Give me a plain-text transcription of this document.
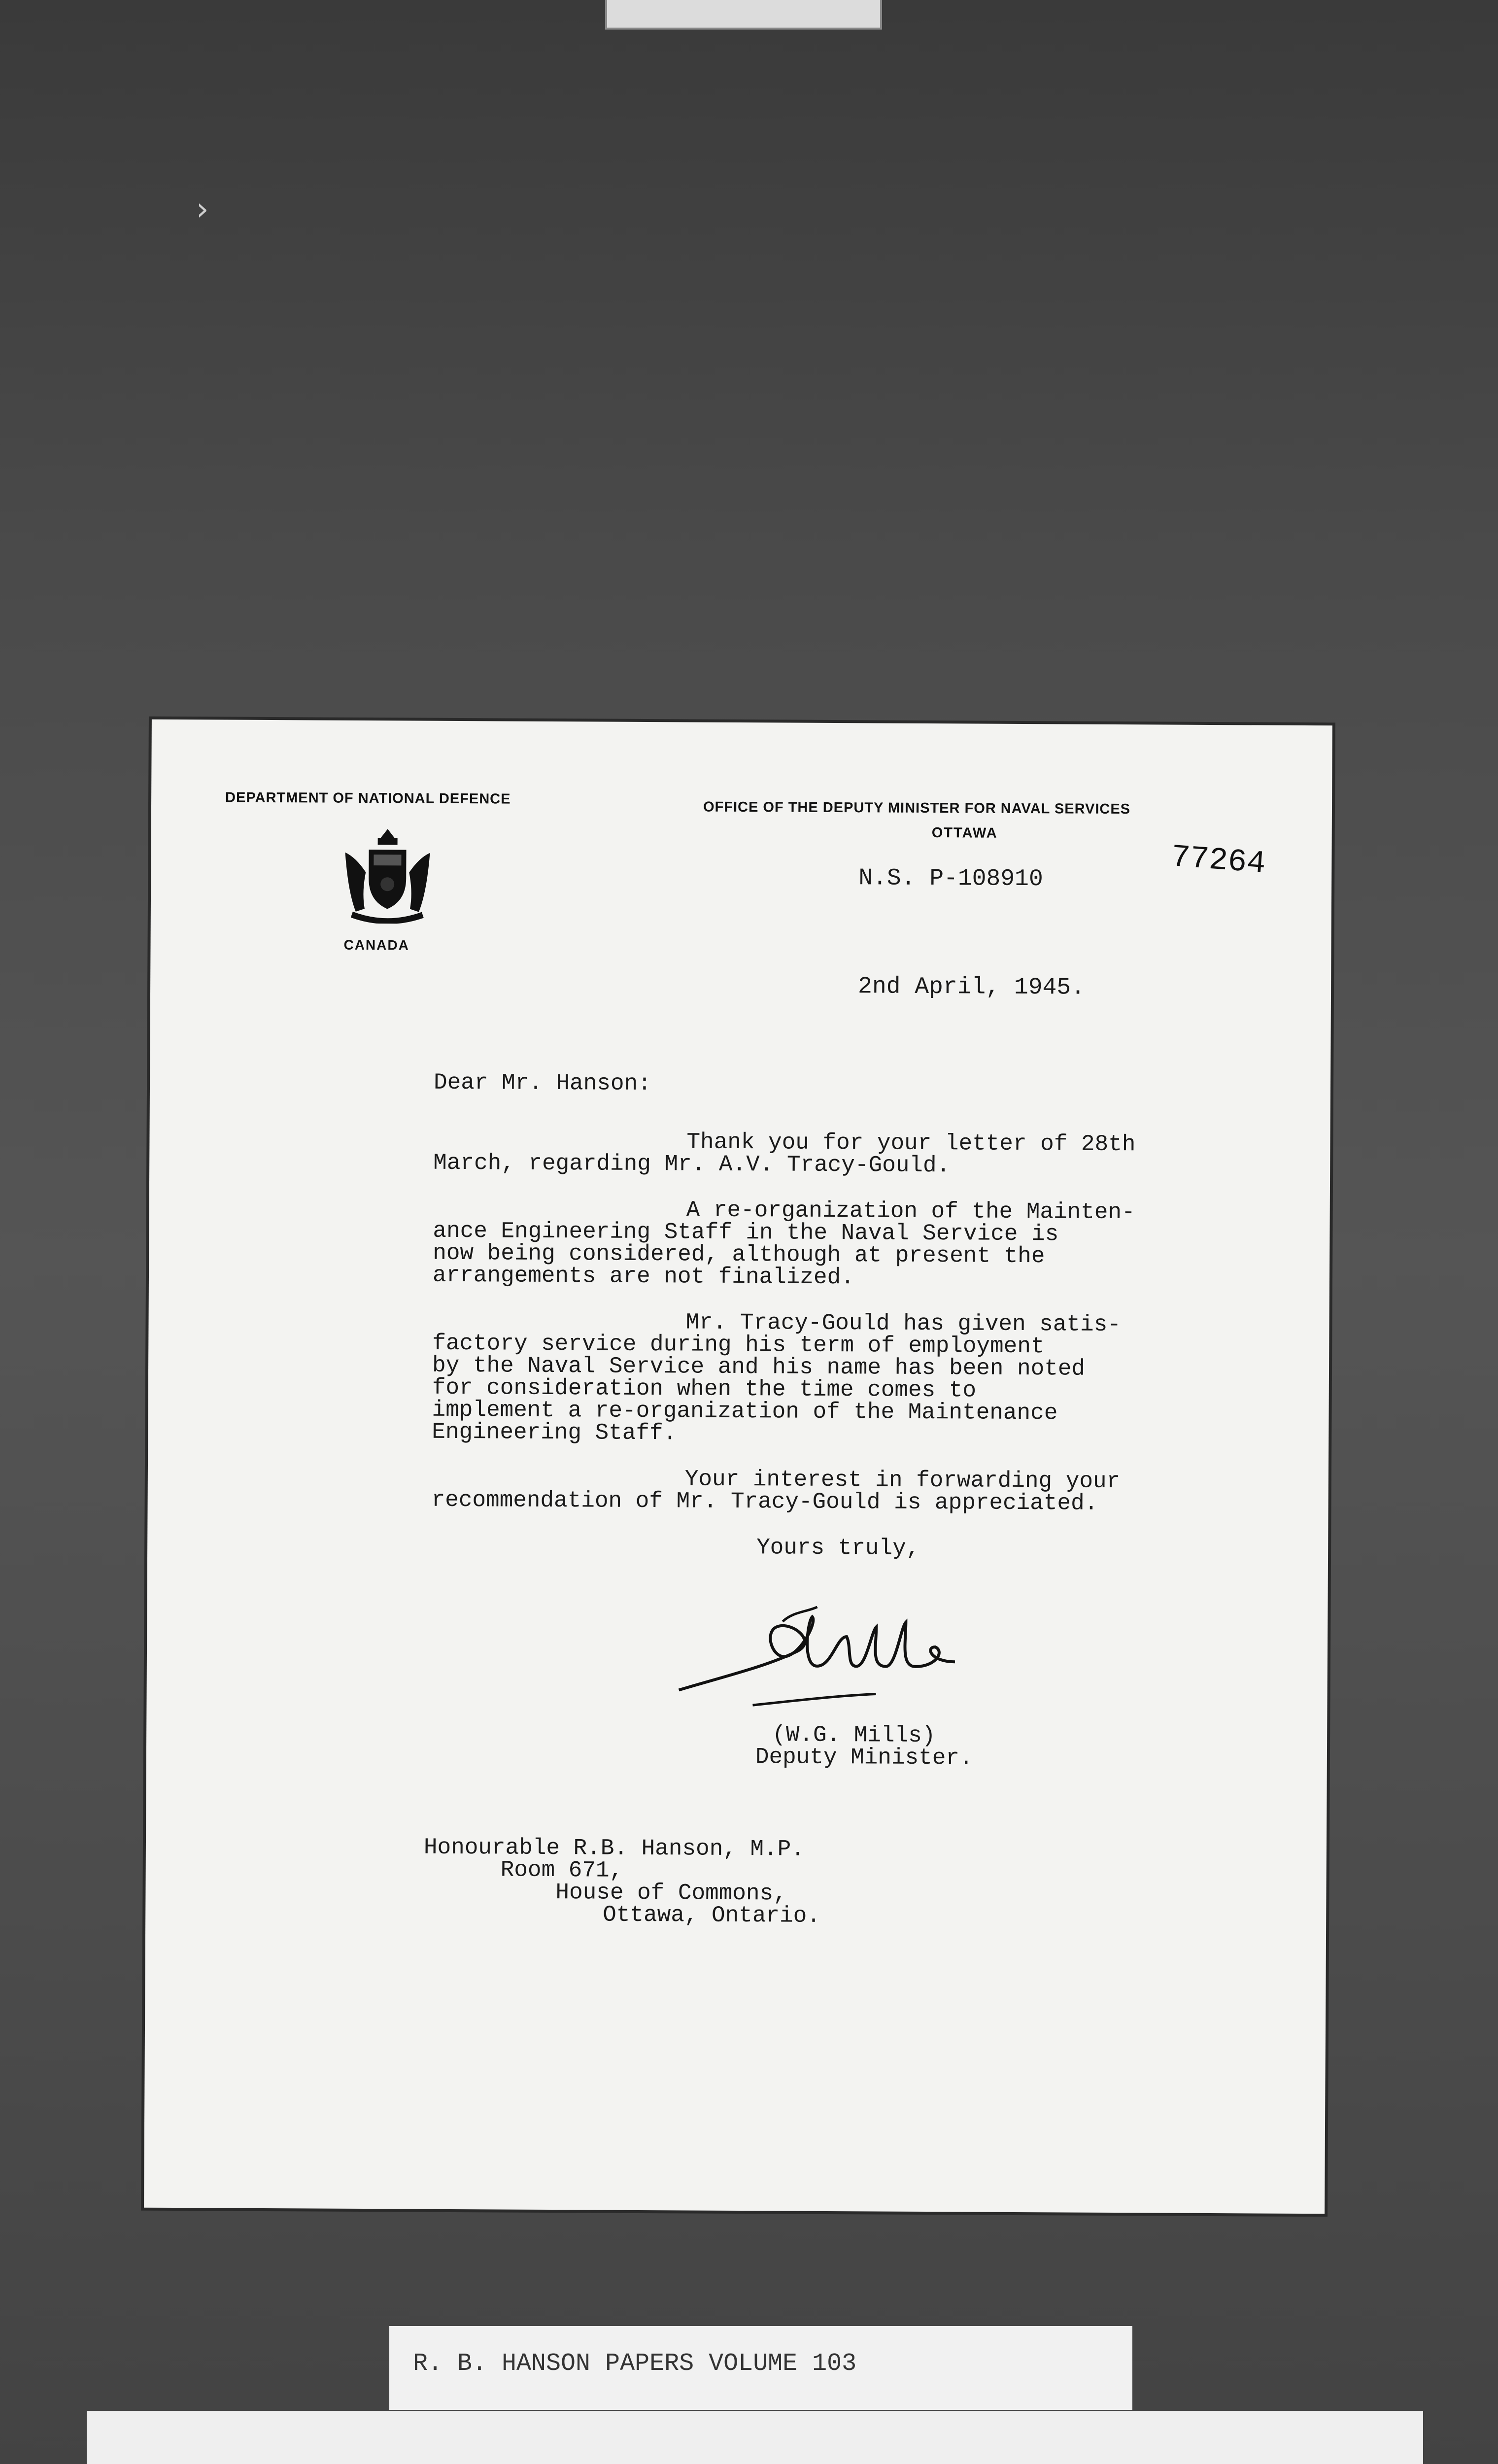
›
DEPARTMENT OF NATIONAL DEFENCE
CANADA
OFFICE OF THE DEPUTY MINISTER FOR NAVAL SERVICES
OTTAWA
77264
N.S. P-108910
2nd April, 1945.
Dear Mr. Hanson:
Thank you for your letter of 28th
March, regarding Mr. A.V. Tracy-Gould.
A re-organization of the Mainten-
ance Engineering Staff in the Naval Service is
now being considered, although at present the
arrangements are not finalized.
Mr. Tracy-Gould has given satis-
factory service during his term of employment
by the Naval Service and his name has been noted
for consideration when the time comes to
implement a re-organization of the Maintenance
Engineering Staff.
Your interest in forwarding your
recommendation of Mr. Tracy-Gould is appreciated.
Yours truly,
(W.G. Mills)
Deputy Minister.
Honourable R.B. Hanson, M.P.
Room 671,
House of Commons,
Ottawa, Ontario.
R. B. HANSON PAPERS VOLUME 103
